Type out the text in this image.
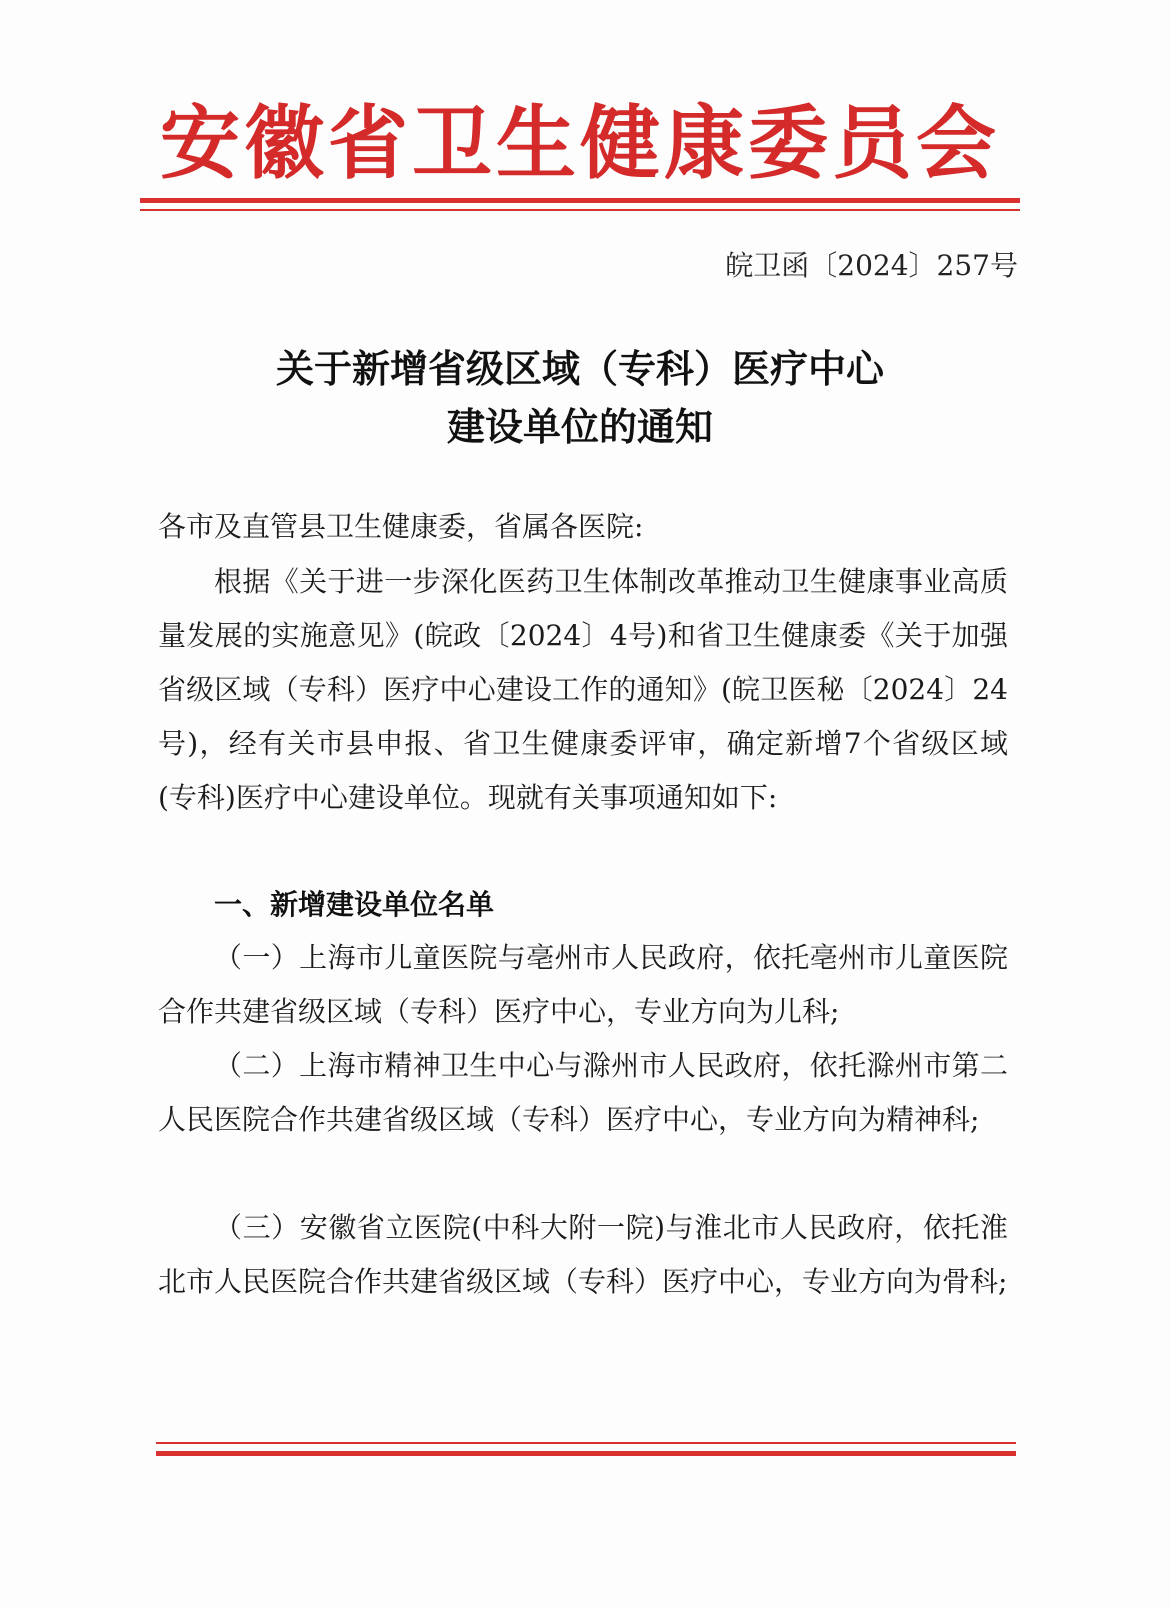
安徽省卫生健康委员会
皖卫函〔2024〕257号
关于新增省级区域（专科）医疗中心
建设单位的通知
各市及直管县卫生健康委，省属各医院:
根据《关于进一步深化医药卫生体制改革推动卫生健康事业高质量发展的实施意见》(皖政〔2024〕4号)和省卫生健康委《关于加强省级区域（专科）医疗中心建设工作的通知》(皖卫医秘〔2024〕24号)，经有关市县申报、省卫生健康委评审，确定新增7个省级区域(专科)医疗中心建设单位。现就有关事项通知如下:
一、新增建设单位名单
（一）上海市儿童医院与亳州市人民政府，依托亳州市儿童医院合作共建省级区域（专科）医疗中心，专业方向为儿科;
（二）上海市精神卫生中心与滁州市人民政府，依托滁州市第二人民医院合作共建省级区域（专科）医疗中心，专业方向为精神科;
（三）安徽省立医院(中科大附一院)与淮北市人民政府，依托淮北市人民医院合作共建省级区域（专科）医疗中心，专业方向为骨科;
